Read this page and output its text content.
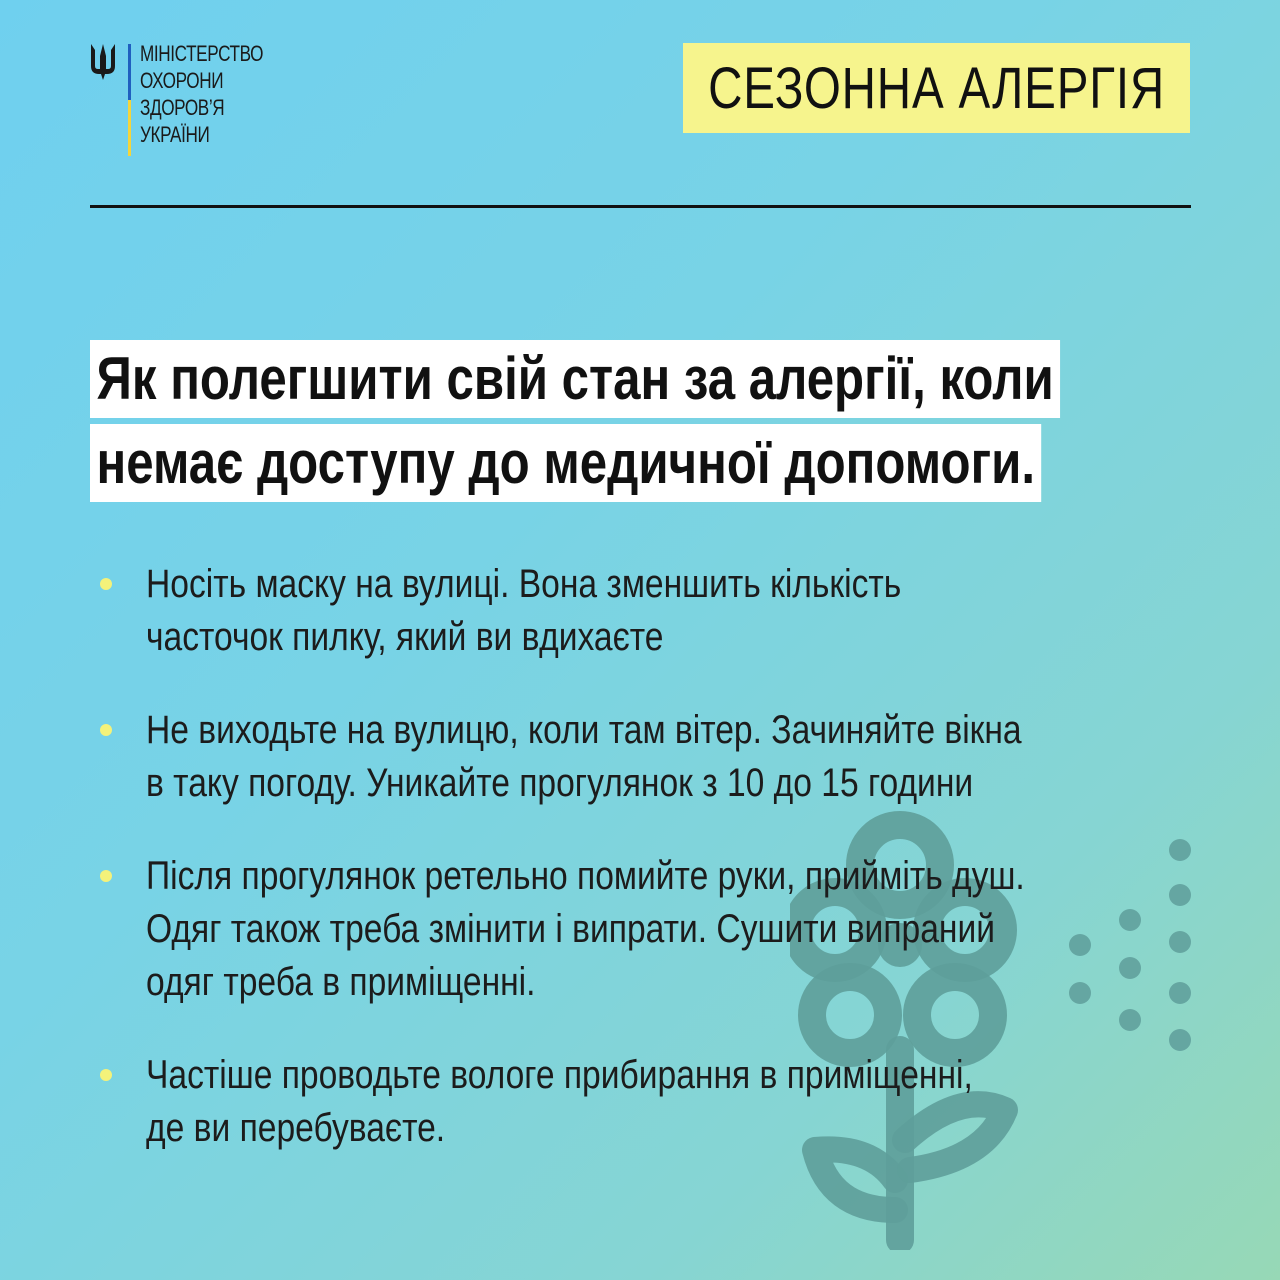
МІНІСТЕРСТВО
ОХОРОНИ
ЗДОРОВ’Я
УКРАЇНИ
СЕЗОННА АЛЕРГІЯ
Як полегшити свій стан за алергії, коли
немає доступу до медичної допомоги.
Носіть маску на вулиці. Вона зменшить кількість
часточок пилку, який ви вдихаєте
Не виходьте на вулицю, коли там вітер. Зачиняйте вікна
в таку погоду. Уникайте прогулянок з 10 до 15 години
Після прогулянок ретельно помийте руки, прийміть душ.
Одяг також треба змінити і випрати. Сушити випраний
одяг треба в приміщенні.
Частіше проводьте вологе прибирання в приміщенні,
де ви перебуваєте.
